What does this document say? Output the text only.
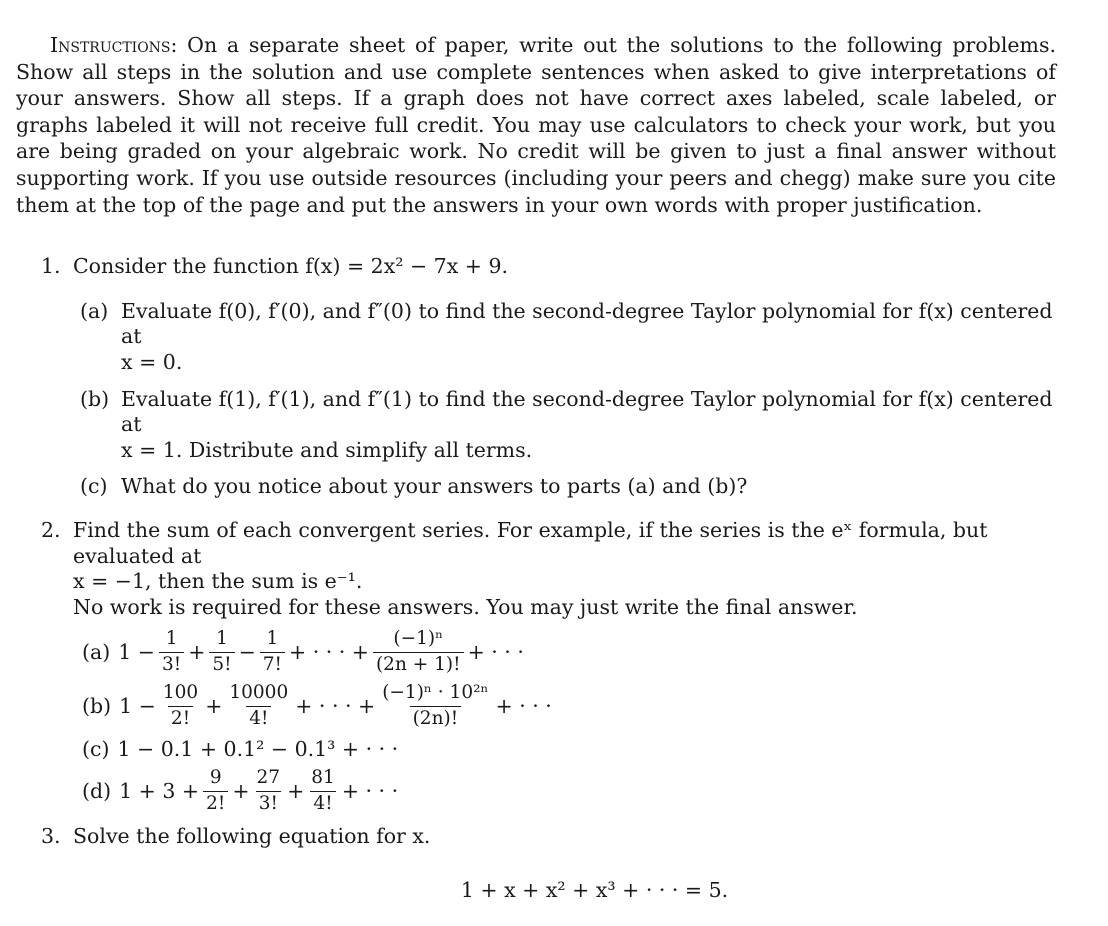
Instructions: On a separate sheet of paper, write out the solutions to the following problems. Show all steps in the solution and use complete sentences when asked to give interpretations of your answers. Show all steps. If a graph does not have correct axes labeled, scale labeled, or graphs labeled it will not receive full credit. You may use calculators to check your work, but you are being graded on your algebraic work. No credit will be given to just a final answer without supporting work. If you use outside resources (including your peers and chegg) make sure you cite them at the top of the page and put the answers in your own words with proper justification.

1. Consider the function f(x) = 2x² − 7x + 9.
(a) Evaluate f(0), f′(0), and f″(0) to find the second-degree Taylor polynomial for f(x) centered at
x = 0.
(b) Evaluate f(1), f′(1), and f″(1) to find the second-degree Taylor polynomial for f(x) centered at
x = 1. Distribute and simplify all terms.
(c) What do you notice about your answers to parts (a) and (b)?
2. Find the sum of each convergent series. For example, if the series is the eˣ formula, but evaluated at
x = −1, then the sum is e⁻¹.
No work is required for these answers. You may just write the final answer.
(a) $1 - \frac{1}{3!} + \frac{1}{5!} - \frac{1}{7!}$ + · · · + $\frac{\text{(−1)ⁿ}}{(2n + 1)!}$ + · · ·
(b) $1 - \frac{100}{2!} + \frac{10000}{4!}$ + · · · + $\frac{\text{(−1)ⁿ · 10²ⁿ}}{(2n)!}$ + · · ·
(c) 1 − 0.1 + 0.1² − 0.1³ + · · ·
(d) $1 + 3 + \frac{9}{2!} + \frac{27}{3!} + \frac{81}{4!}$ + · · ·
3. Solve the following equation for x.
1 + x + x² + x³ + · · · = 5.
